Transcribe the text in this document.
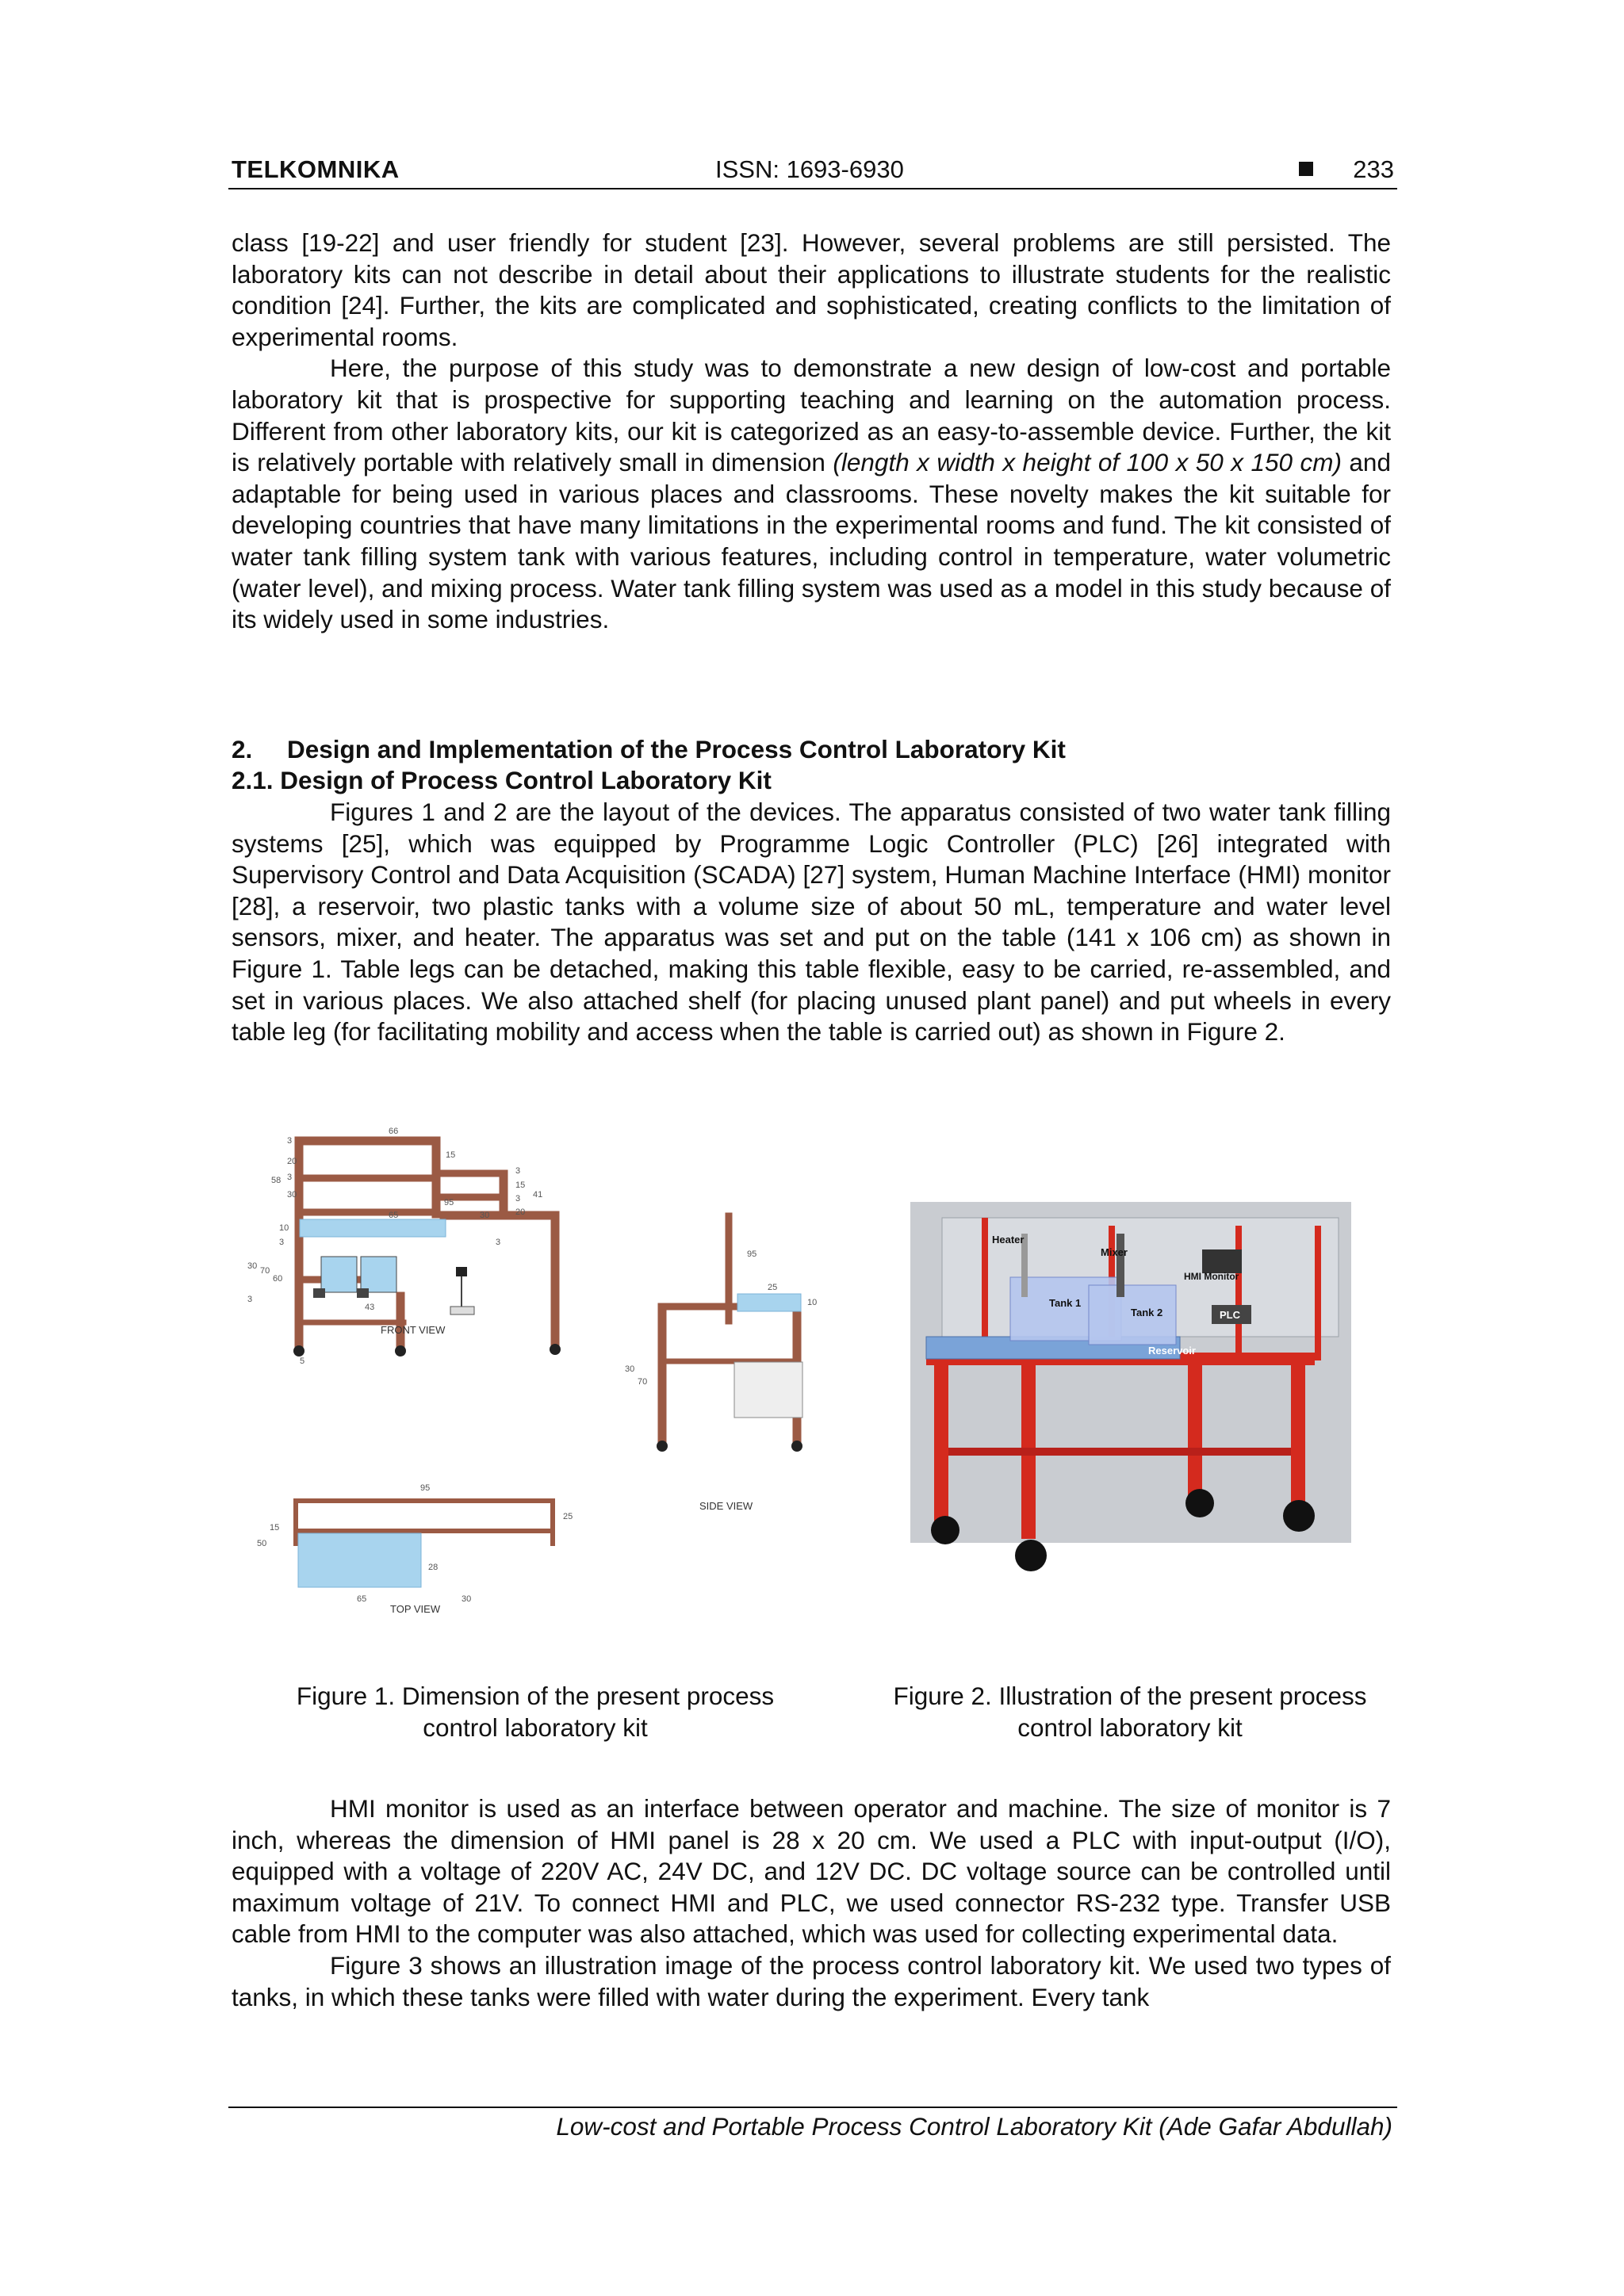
TELKOMNIKA	ISSN: 1693-6930	233

class [19-22] and user friendly for student [23]. However, several problems are still persisted. The laboratory kits can not describe in detail about their applications to illustrate students for the realistic condition [24]. Further, the kits are complicated and sophisticated, creating conflicts to the limitation of experimental rooms.

Here, the purpose of this study was to demonstrate a new design of low-cost and portable laboratory kit that is prospective for supporting teaching and learning on the automation process. Different from other laboratory kits, our kit is categorized as an easy-to-assemble device. Further, the kit is relatively portable with relatively small in dimension (length x width x height of 100 x 50 x 150 cm) and adaptable for being used in various places and classrooms. These novelty makes the kit suitable for developing countries that have many limitations in the experimental rooms and fund. The kit consisted of water tank filling system tank with various features, including control in temperature, water volumetric (water level), and mixing process. Water tank filling system was used as a model in this study because of its widely used in some industries.

2. Design and Implementation of the Process Control Laboratory Kit
2.1. Design of Process Control Laboratory Kit

Figures 1 and 2 are the layout of the devices. The apparatus consisted of two water tank filling systems [25], which was equipped by Programme Logic Controller (PLC) [26] integrated with Supervisory Control and Data Acquisition (SCADA) [27] system, Human Machine Interface (HMI) monitor [28], a reservoir, two plastic tanks with a volume size of about 50 mL, temperature and water level sensors, mixer, and heater. The apparatus was set and put on the table (141 x 106 cm) as shown in Figure 1. Table legs can be detached, making this table flexible, easy to be carried, re-assembled, and set in various places. We also attached shelf (for placing unused plant panel) and put wheels in every table leg (for facilitating mobility and access when the table is carried out) as shown in Figure 2.

FRONT VIEW
66
3
20
15
58 3
30
3
15
3 41
95
65	30	20
3
10
3
30 70
60
3
43
5
95
25
10
30
70
SIDE VIEW
95
15
50
25
28
65	30
TOP VIEW
Heater
Mixer
HMI Monitor
Tank 1
Tank 2	PLC
Reservoir
Figure 1. Dimension of the present process
control laboratory kit
Figure 2. Illustration of the present process
control laboratory kit

HMI monitor is used as an interface between operator and machine. The size of monitor is 7 inch, whereas the dimension of HMI panel is 28 x 20 cm. We used a PLC with input-output (I/O), equipped with a voltage of 220V AC, 24V DC, and 12V DC. DC voltage source can be controlled until maximum voltage of 21V. To connect HMI and PLC, we used connector RS-232 type. Transfer USB cable from HMI to the computer was also attached, which was used for collecting experimental data.

Figure 3 shows an illustration image of the process control laboratory kit. We used two types of tanks, in which these tanks were filled with water during the experiment. Every tank

Low-cost and Portable Process Control Laboratory Kit (Ade Gafar Abdullah)
